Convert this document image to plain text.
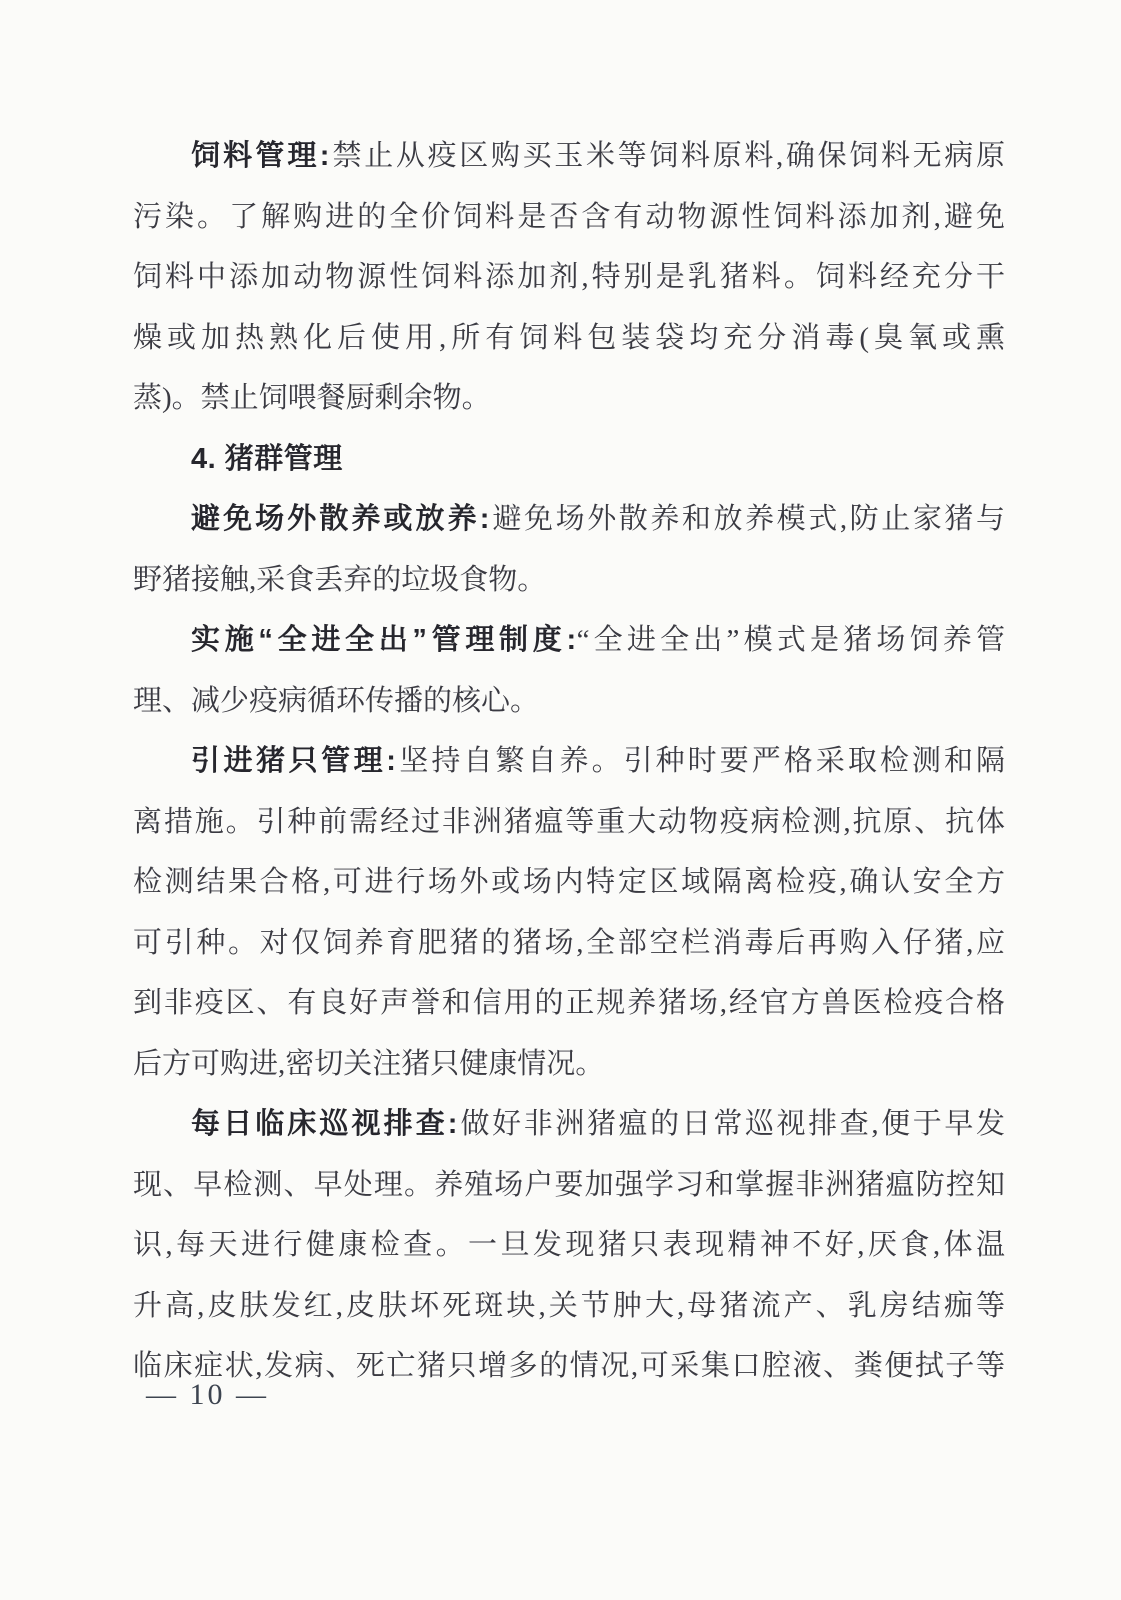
饲料管理:禁止从疫区购买玉米等饲料原料,确保饲料无病原
污染。了解购进的全价饲料是否含有动物源性饲料添加剂,避免
饲料中添加动物源性饲料添加剂,特别是乳猪料。饲料经充分干
燥或加热熟化后使用,所有饲料包装袋均充分消毒(臭氧或熏
蒸)。禁止饲喂餐厨剩余物。
4. 猪群管理
避免场外散养或放养:避免场外散养和放养模式,防止家猪与
野猪接触,采食丢弃的垃圾食物。
实施“全进全出”管理制度:“全进全出”模式是猪场饲养管
理、减少疫病循环传播的核心。
引进猪只管理:坚持自繁自养。引种时要严格采取检测和隔
离措施。引种前需经过非洲猪瘟等重大动物疫病检测,抗原、抗体
检测结果合格,可进行场外或场内特定区域隔离检疫,确认安全方
可引种。对仅饲养育肥猪的猪场,全部空栏消毒后再购入仔猪,应
到非疫区、有良好声誉和信用的正规养猪场,经官方兽医检疫合格
后方可购进,密切关注猪只健康情况。
每日临床巡视排查:做好非洲猪瘟的日常巡视排查,便于早发
现、早检测、早处理。养殖场户要加强学习和掌握非洲猪瘟防控知
识,每天进行健康检查。一旦发现猪只表现精神不好,厌食,体温
升高,皮肤发红,皮肤坏死斑块,关节肿大,母猪流产、乳房结痂等
临床症状,发病、死亡猪只增多的情况,可采集口腔液、粪便拭子等
— 10 —
